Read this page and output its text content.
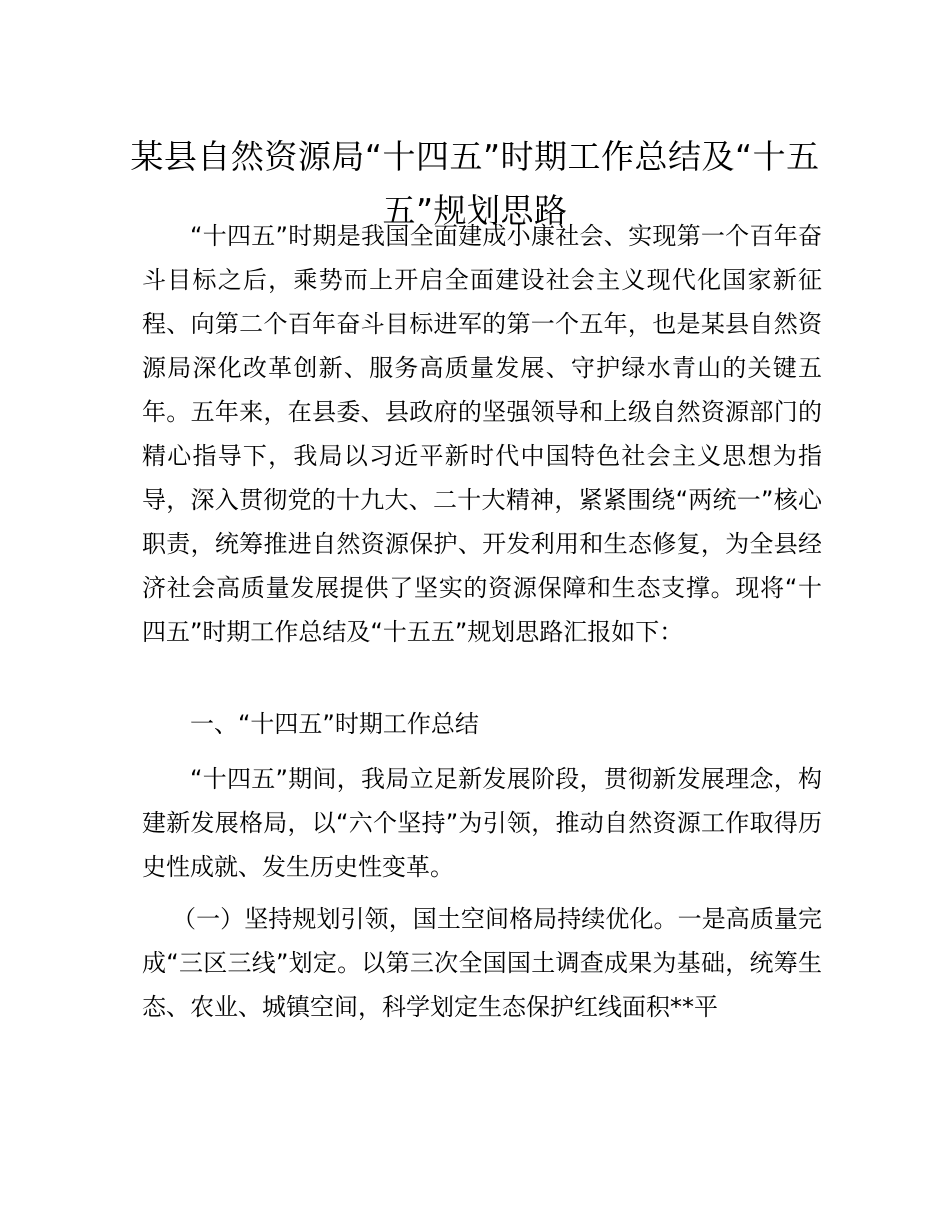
某县自然资源局“十四五”时期工作总结及“十五
五”规划思路

“十四五”时期是我国全面建成小康社会、实现第一个百年奋斗目标之后，乘势而上开启全面建设社会主义现代化国家新征程、向第二个百年奋斗目标进军的第一个五年，也是某县自然资源局深化改革创新、服务高质量发展、守护绿水青山的关键五年。五年来，在县委、县政府的坚强领导和上级自然资源部门的精心指导下，我局以习近平新时代中国特色社会主义思想为指导，深入贯彻党的十九大、二十大精神，紧紧围绕“两统一”核心职责，统筹推进自然资源保护、开发利用和生态修复，为全县经济社会高质量发展提供了坚实的资源保障和生态支撑。现将“十四五”时期工作总结及“十五五”规划思路汇报如下：

一、“十四五”时期工作总结

“十四五”期间，我局立足新发展阶段，贯彻新发展理念，构建新发展格局，以“六个坚持”为引领，推动自然资源工作取得历史性成就、发生历史性变革。

（一）坚持规划引领，国土空间格局持续优化。一是高质量完成“三区三线”划定。以第三次全国国土调查成果为基础，统筹生态、农业、城镇空间，科学划定生态保护红线面积**平
